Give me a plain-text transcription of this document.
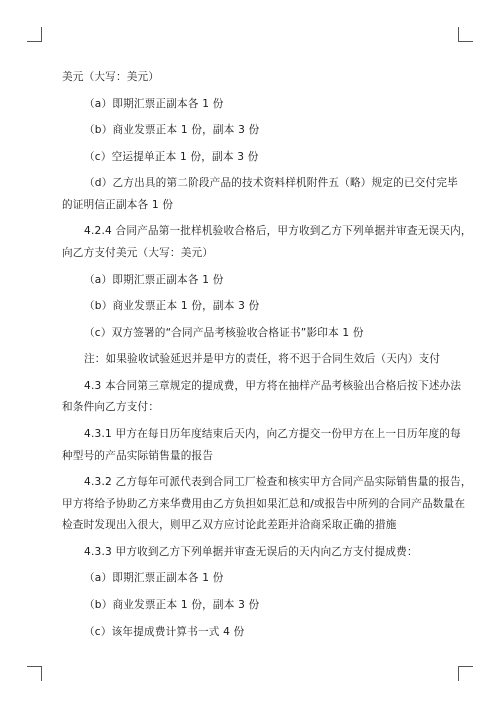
美元（大写：美元）

（a）即期汇票正副本各 1 份

（b）商业发票正本 1 份，副本 3 份

（c）空运提单正本 1 份，副本 3 份

（d）乙方出具的第二阶段产品的技术资料样机附件五（略）规定的已交付完毕

的证明信正副本各 1 份

4.2.4 合同产品第一批样机验收合格后，甲方收到乙方下列单据并审查无误天内，

向乙方支付美元（大写：美元）

（a）即期汇票正副本各 1 份

（b）商业发票正本 1 份，副本 3 份

（c）双方签署的“合同产品考核验收合格证书”影印本 1 份

注：如果验收试验延迟并是甲方的责任，将不迟于合同生效后（天内）支付

4.3 本合同第三章规定的提成费，甲方将在抽样产品考核验出合格后按下述办法

和条件向乙方支付：

4.3.1 甲方在每日历年度结束后天内，向乙方提交一份甲方在上一日历年度的每

种型号的产品实际销售量的报告

4.3.2 乙方每年可派代表到合同工厂检查和核实甲方合同产品实际销售量的报告，

甲方将给予协助乙方来华费用由乙方负担如果汇总和/或报告中所列的合同产品数量在

检查时发现出入很大，则甲乙双方应讨论此差距并洽商采取正确的措施

4.3.3 甲方收到乙方下列单据并审查无误后的天内向乙方支付提成费：

（a）即期汇票正副本各 1 份

（b）商业发票正本 1 份，副本 3 份

（c）该年提成费计算书一式 4 份
